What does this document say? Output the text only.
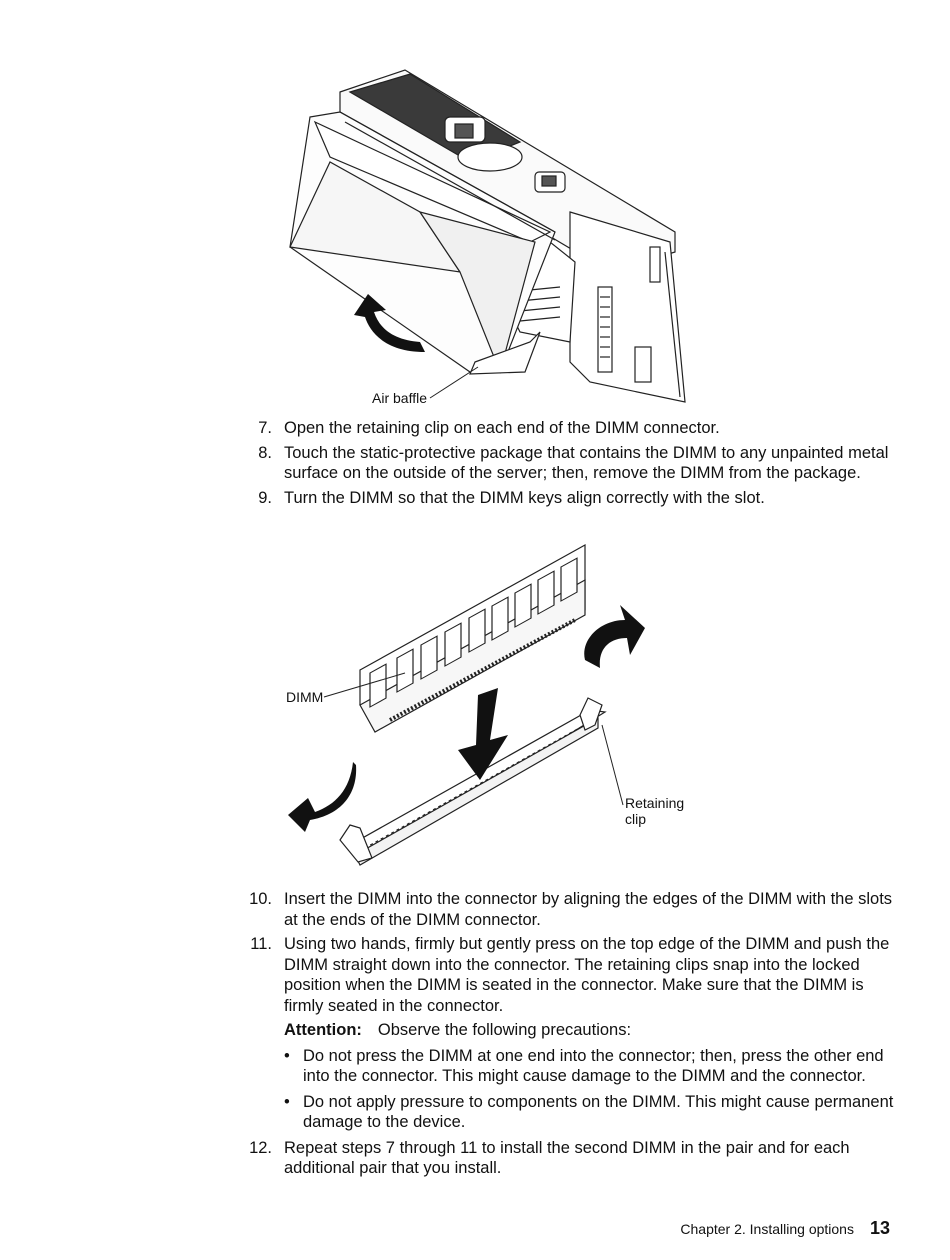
Air baffle
7. Open the retaining clip on each end of the DIMM connector.
8. Touch the static-protective package that contains the DIMM to any unpainted metal surface on the outside of the server; then, remove the DIMM from the package.
9. Turn the DIMM so that the DIMM keys align correctly with the slot.
DIMM
Retaining
clip
10. Insert the DIMM into the connector by aligning the edges of the DIMM with the slots at the ends of the DIMM connector.
11. Using two hands, firmly but gently press on the top edge of the DIMM and push the DIMM straight down into the connector. The retaining clips snap into the locked position when the DIMM is seated in the connector. Make sure that the DIMM is firmly seated in the connector.
Attention: Observe the following precautions:
• Do not press the DIMM at one end into the connector; then, press the other end into the connector. This might cause damage to the DIMM and the connector.
• Do not apply pressure to components on the DIMM. This might cause permanent damage to the device.
12. Repeat steps 7 through 11 to install the second DIMM in the pair and for each additional pair that you install.
Chapter 2. Installing options 13
